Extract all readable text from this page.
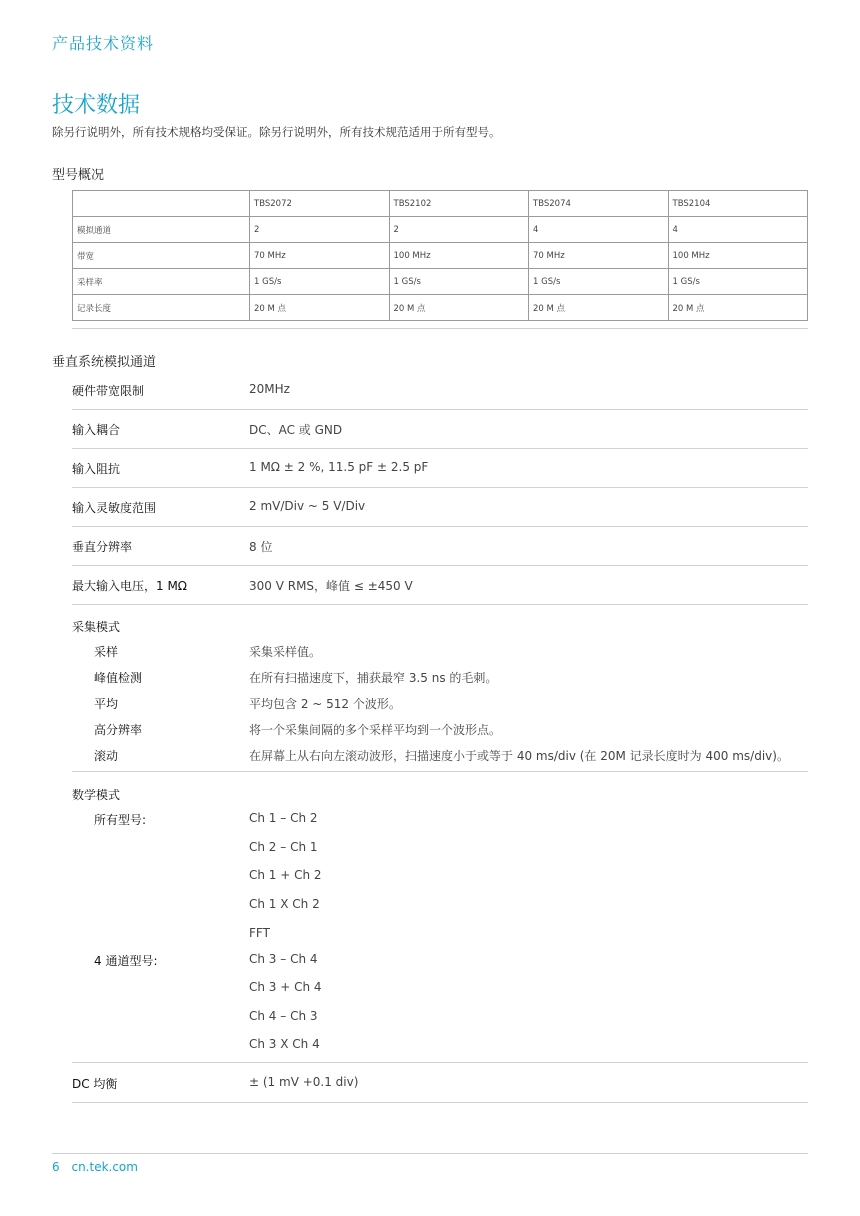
产品技术资料
技术数据
除另行说明外，所有技术规格均受保证。除另行说明外，所有技术规范适用于所有型号。
型号概况
	TBS2072	TBS2102	TBS2074	TBS2104
模拟通道	2	2	4	4
带宽	70 MHz	100 MHz	70 MHz	100 MHz
采样率	1 GS/s	1 GS/s	1 GS/s	1 GS/s
记录长度	20 M 点	20 M 点	20 M 点	20 M 点
垂直系统模拟通道
硬件带宽限制	20MHz
输入耦合	DC、AC 或 GND
输入阻抗	1 MΩ ± 2 %, 11.5 pF ± 2.5 pF
输入灵敏度范围	2 mV/Div ~ 5 V/Div
垂直分辨率	8 位
最大输入电压，1 MΩ	300 V RMS，峰值 ≤ ±450 V
采集模式
采样	采集采样值。
峰值检测	在所有扫描速度下，捕获最窄 3.5 ns 的毛刺。
平均	平均包含 2 ~ 512 个波形。
高分辨率	将一个采集间隔的多个采样平均到一个波形点。
滚动	在屏幕上从右向左滚动波形，扫描速度小于或等于 40 ms/div (在 20M 记录长度时为 400 ms/div)。
数学模式
所有型号:	Ch 1 – Ch 2
Ch 2 – Ch 1
Ch 1 + Ch 2
Ch 1 X Ch 2
FFT
4 通道型号:	Ch 3 – Ch 4
Ch 3 + Ch 4
Ch 4 – Ch 3
Ch 3 X Ch 4
DC 均衡	± (1 mV +0.1 div)
6 cn.tek.com
